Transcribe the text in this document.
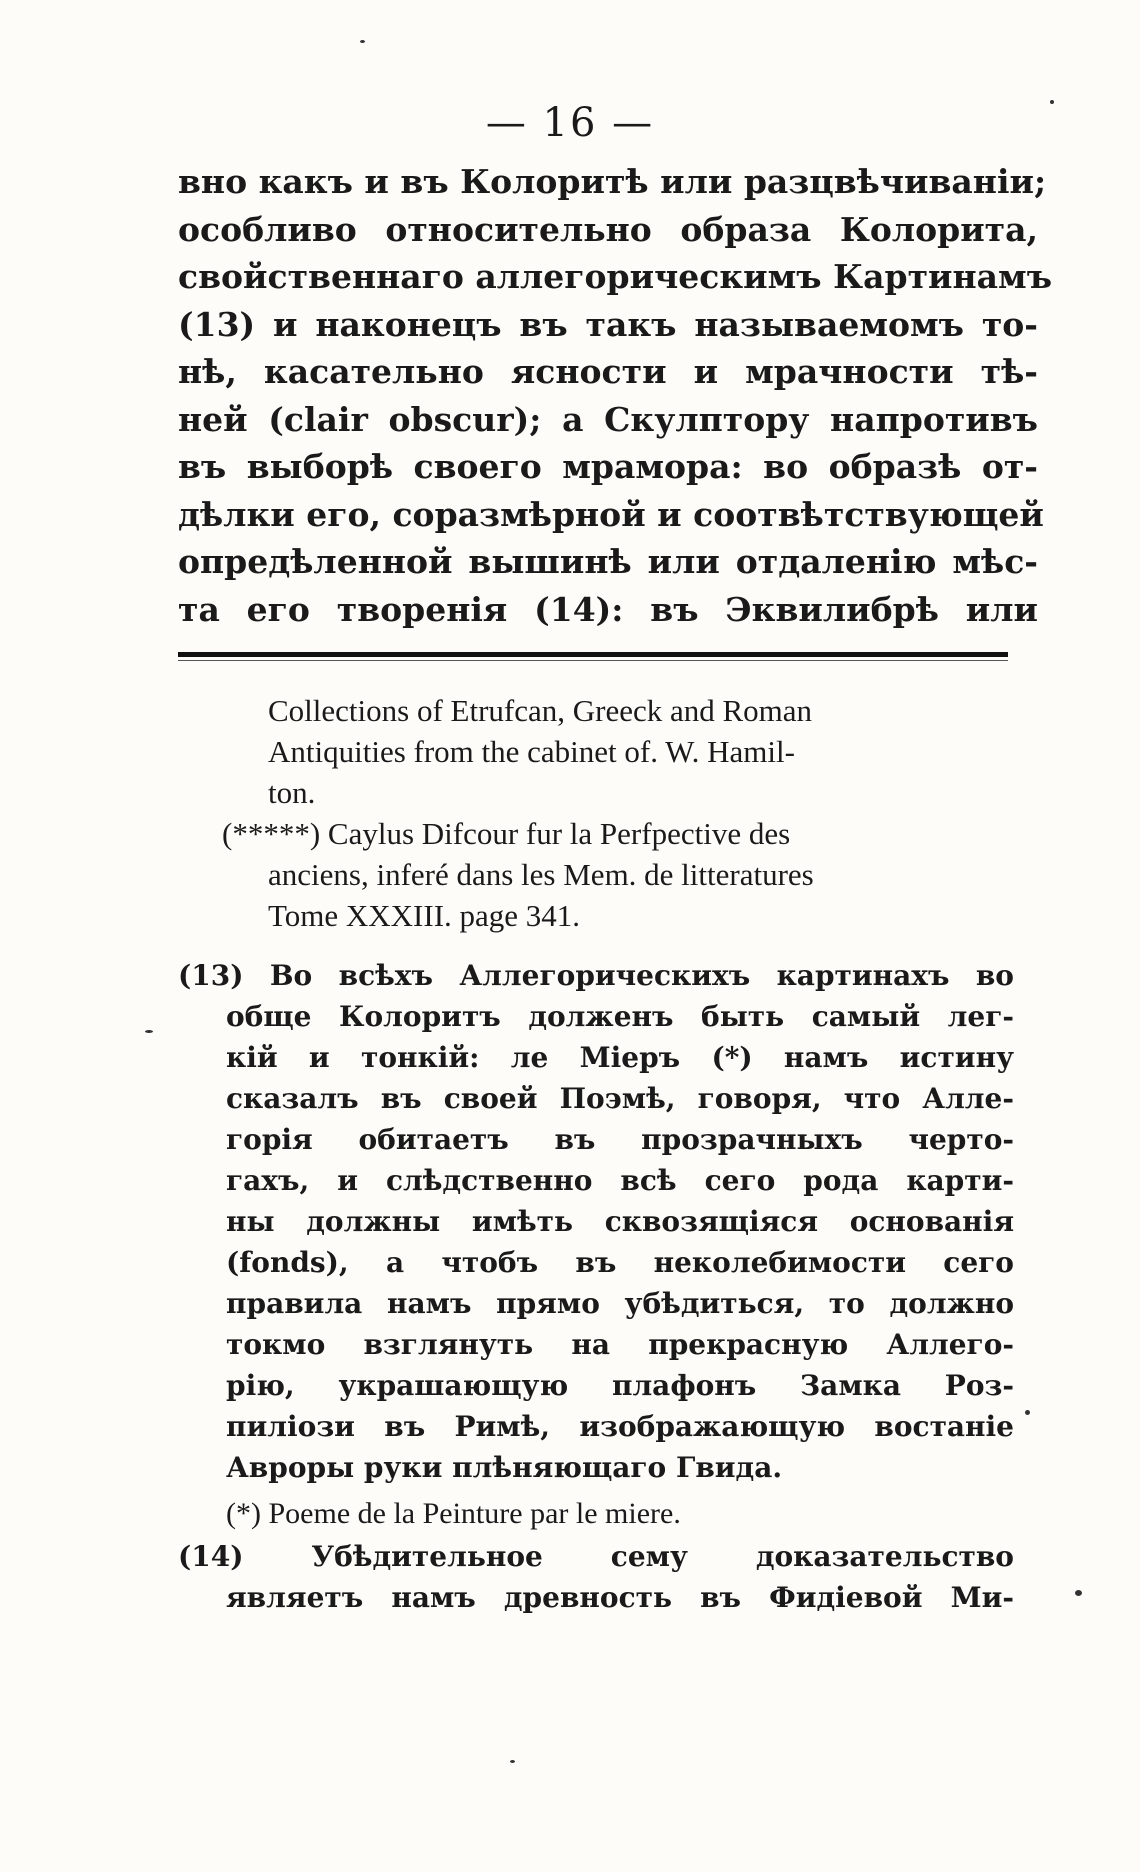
— 16 —
вно какъ и въ Колоритѣ или разцвѣчиваніи;
особливо относительно образа Колорита,
свойственнаго аллегорическимъ Картинамъ
(13) и наконецъ въ такъ называемомъ то-
нѣ, касательно ясности и мрачности тѣ-
ней (clair obscur); а Скулптору напротивъ
въ выборѣ своего мрамора: во образѣ от-
дѣлки его, соразмѣрной и соотвѣтствующей
опредѣленной вышинѣ или отдаленію мѣс-
та его творенія (14): въ Эквилибрѣ или
Collections of Etrufcan, Greeck and Roman
Antiquities from the cabinet of. W. Hamil-
ton.
(*****) Caylus Difcour fur la Perfpective des
anciens, inferé dans les Mem. de litteratures
Tome XXXIII. page 341.
(13) Во всѣхъ Аллегорическихъ картинахъ во
обще Колоритъ долженъ быть самый лег-
кій и тонкій: ле Міеръ (*) намъ истину
сказалъ въ своей Поэмѣ, говоря, что Алле-
горія обитаетъ въ прозрачныхъ черто-
гахъ, и слѣдственно всѣ сего рода карти-
ны должны имѣть сквозящіяся основанія
(fonds), а чтобъ въ неколебимости сего
правила намъ прямо убѣдиться, то должно
токмо взглянуть на прекрасную Аллего-
рію, украшающую плафонъ Замка Роз-
пиліози въ Римѣ, изображающую востаніе
Авроры руки плѣняющаго Гвида.
(*) Poeme de la Peinture par le miere.
(14) Убѣдительное сему доказательство
являетъ намъ древность въ Фидіевой Ми-
